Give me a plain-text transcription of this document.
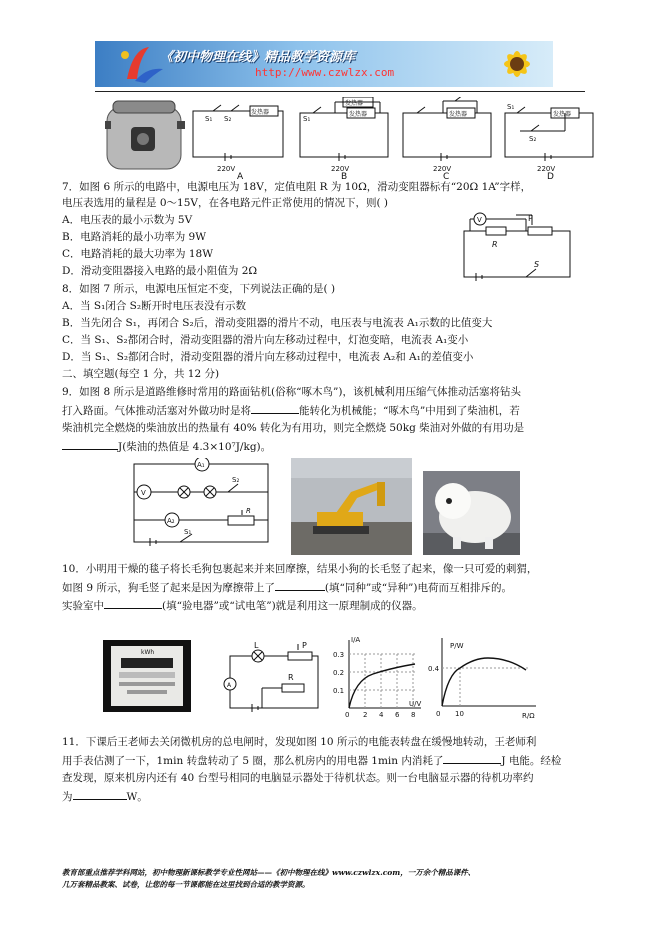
《初中物理在线》精品教学资源库
http://www.czwlzx.com
发热器
S₁ S₂
220V
发热器
发热器
S₁
220V
发热器
220V
发热器
S₁
S₂
220V
A	B	C	D
7．如图 6 所示的电路中，电源电压为 18V，定值电阻 R 为 10Ω，滑动变阻器标有“20Ω 1A”字样，
电压表选用的量程是 0～15V，在各电路元件正常使用的情况下，则( )
A．电压表的最小示数为 5V
B．电路消耗的最小功率为 9W
C．电路消耗的最大功率为 18W
D．滑动变阻器接入电路的最小阻值为 2Ω
V
R
P
S
8．如图 7 所示，电源电压恒定不变，下列说法正确的是( )
A．当 S₁闭合 S₂断开时电压表没有示数
B．当先闭合 S₁，再闭合 S₂后，滑动变阻器的滑片不动，电压表与电流表 A₁示数的比值变大
C．当 S₁、S₂都闭合时，滑动变阻器的滑片向左移动过程中，灯泡变暗，电流表 A₁变小
D．当 S₁、S₂都闭合时，滑动变阻器的滑片向左移动过程中，电流表 A₂和 A₁的差值变小
二、填空题(每空 1 分，共 12 分)
9．如图 8 所示是道路维修时常用的路面钻机(俗称“啄木鸟”)，该机械利用压缩气体推动活塞将钻头
打入路面。气体推动活塞对外做功时是将	能转化为机械能；“啄木鸟”中用到了柴油机，若
柴油机完全燃烧的柴油放出的热量有 40% 转化为有用功，则完全燃烧 50kg 柴油对外做的有用功是
J(柴油的热值是 4.3×10⁷J/kg)。
A₁
V
S₂
A₂
R
S₁
10．小明用干燥的毯子将长毛狗包裹起来并来回摩擦，结果小狗的长毛竖了起来，像一只可爱的刺猬，
如图 9 所示，狗毛竖了起来是因为摩擦带上了	(填“同种”或“异种”)电荷而互相排斥的。
实验室中	(填“验电器”或“试电笔”)就是利用这一原理制成的仪器。
kWh
L	P
R
A
I/A
0.3
0.2
0.1
0 2 4 6 8
U/V
P/W
0.4
0 10	R/Ω
11．下课后王老师去关闭微机房的总电闸时，发现如图 10 所示的电能表转盘在缓慢地转动，王老师利
用手表估测了一下，1min 转盘转动了 5 圈，那么机房内的用电器 1min 内消耗了	J 电能。经检
查发现，原来机房内还有 40 台型号相同的电脑显示器处于待机状态。则一台电脑显示器的待机功率约
为	W。
教育部重点推荐学科网站，初中物理新课标教学专业性网站——《初中物理在线》www.czwlzx.com，一万余个精品课件、
几万套精品教案、试卷，让您的每一节课都能在这里找到合适的教学资源。
